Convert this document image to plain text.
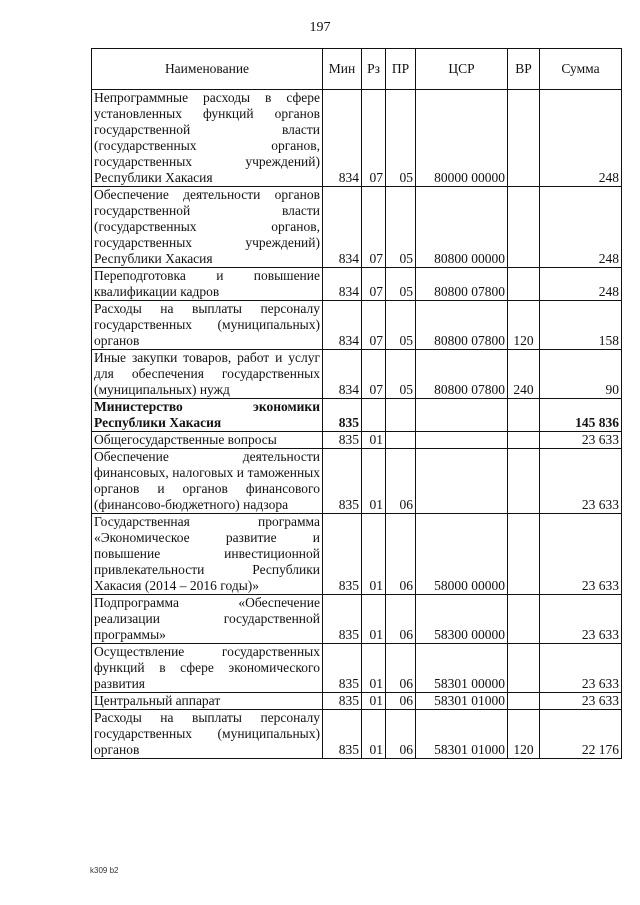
197
Наименование	Мин	Рз	ПР	ЦСР	ВР	Сумма
Непрограммные расходы в сфере установленных функций органов государственной власти (государственных органов, государственных учреждений) Республики Хакасия	834	07	05	80000 00000		248
Обеспечение деятельности органов государственной власти (государственных органов, государственных учреждений) Республики Хакасия	834	07	05	80800 00000		248
Переподготовка и повышение квалификации кадров	834	07	05	80800 07800		248
Расходы на выплаты персоналу государственных (муниципальных) органов	834	07	05	80800 07800	120	158
Иные закупки товаров, работ и услуг для обеспечения государственных (муниципальных) нужд	834	07	05	80800 07800	240	90
Министерство экономики Республики Хакасия	835					145 836
Общегосударственные вопросы	835	01				23 633
Обеспечение деятельности финансовых, налоговых и таможенных органов и органов финансового (финансово-бюджетного) надзора	835	01	06			23 633
Государственная программа «Экономическое развитие и повышение инвестиционной привлекательности Республики Хакасия (2014 – 2016 годы)»	835	01	06	58000 00000		23 633
Подпрограмма «Обеспечение реализации государственной программы»	835	01	06	58300 00000		23 633
Осуществление государственных функций в сфере экономического развития	835	01	06	58301 00000		23 633
Центральный аппарат	835	01	06	58301 01000		23 633
Расходы на выплаты персоналу государственных (муниципальных) органов	835	01	06	58301 01000	120	22 176
k309 b2
